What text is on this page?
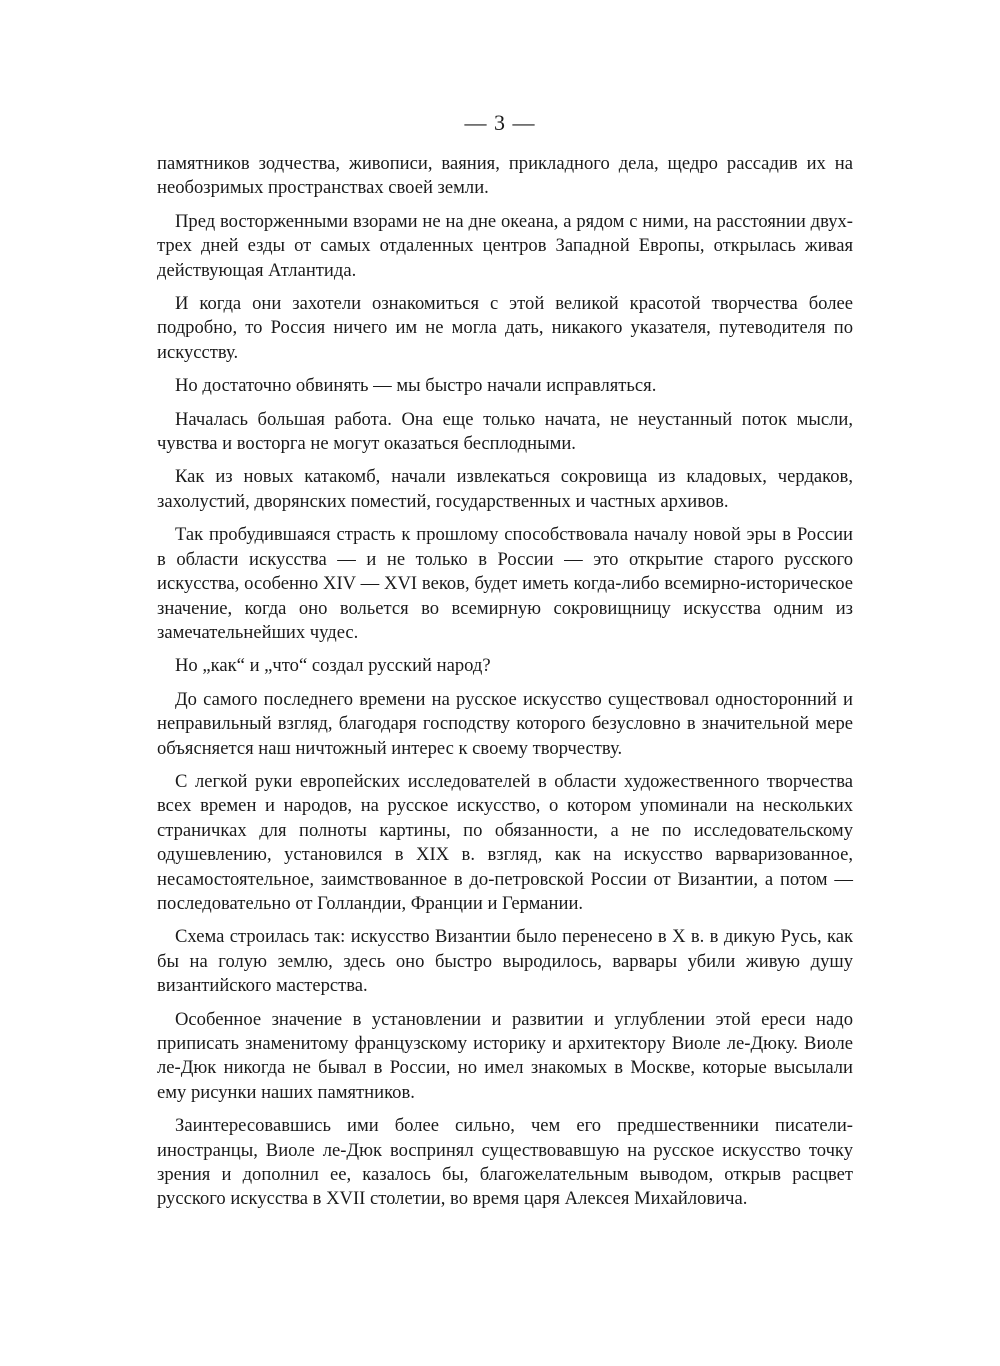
— 3 —

памятников зодчества, живописи, ваяния, прикладного дела, щедро рассадив их на необозримых пространствах своей земли.

Пред восторженными взорами не на дне океана, а рядом с ними, на расстоянии двух-трех дней езды от самых отдаленных центров Западной Европы, открылась живая действующая Атлантида.

И когда они захотели ознакомиться с этой великой красотой творчества более подробно, то Россия ничего им не могла дать, никакого указателя, путеводителя по искусству.

Но достаточно обвинять — мы быстро начали исправляться.

Началась большая работа. Она еще только начата, не неустанный поток мысли, чувства и восторга не могут оказаться бесплодными.

Как из новых катакомб, начали извлекаться сокровища из кладовых, чердаков, захолустий, дворянских поместий, государственных и частных архивов.

Так пробудившаяся страсть к прошлому способствовала началу новой эры в России в области искусства — и не только в России — это открытие старого русского искусства, особенно XIV — XVI веков, будет иметь когда-либо всемирно-историческое значение, когда оно вольется во всемирную сокровищницу искусства одним из замечательнейших чудес.

Но „как“ и „что“ создал русский народ?

До самого последнего времени на русское искусство существовал односторонний и неправильный взгляд, благодаря господству которого безусловно в значительной мере объясняется наш ничтожный интерес к своему творчеству.

С легкой руки европейских исследователей в области художественного творчества всех времен и народов, на русское искусство, о котором упоминали на нескольких страничках для полноты картины, по обязанности, а не по исследовательскому одушевлению, установился в XIX в. взгляд, как на искусство варваризованное, несамостоятельное, заимствованное в до-петровской России от Византии, а потом — последовательно от Голландии, Франции и Германии.

Схема строилась так: искусство Византии было перенесено в X в. в дикую Русь, как бы на голую землю, здесь оно быстро выродилось, варвары убили живую душу византийского мастерства.

Особенное значение в установлении и развитии и углублении этой ереси надо приписать знаменитому французскому историку и архитектору Виоле ле-Дюку. Виоле ле-Дюк никогда не бывал в России, но имел знакомых в Москве, которые высылали ему рисунки наших памятников.

Заинтересовавшись ими более сильно, чем его предшественники писатели-иностранцы, Виоле ле-Дюк воспринял существовавшую на русское искусство точку зрения и дополнил ее, казалось бы, благожелательным выводом, открыв расцвет русского искусства в XVII столетии, во время царя Алексея Михайловича.
